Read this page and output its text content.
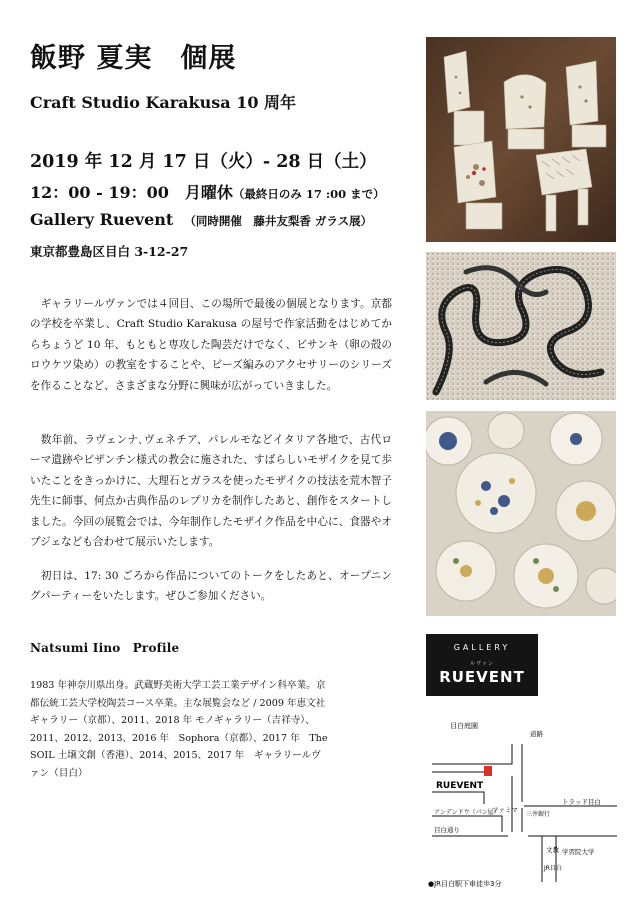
飯野 夏実　個展
Craft Studio Karakusa 10 周年
2019 年 12 月 17 日（火）- 28 日（土）
12：00 - 19：00　月曜休（最終日のみ 17 :00 まで）
Gallery Ruevent （同時開催　藤井友梨香 ガラス展）
東京都豊島区目白 3-12-27

　ギャラリールヴァンでは４回目、この場所で最後の個展となります。京都の学校を卒業し、Craft Studio Karakusa の屋号で作家活動をはじめてからちょうど 10 年、もともと専攻した陶芸だけでなく、ビサンキ（卵の殻のロウケツ染め）の教室をすることや、ビーズ編みのアクセサリーのシリーズを作ることなど、さまざまな分野に興味が広がっていきました。

　数年前、ラヴェンナ､ヴェネチア、パレルモなどイタリア各地で、古代ローマ遺跡やビザンチン様式の教会に施された、すばらしいモザイクを見て歩いたことをきっかけに、大理石とガラスを使ったモザイクの技法を荒木智子先生に師事、何点か古典作品のレプリカを制作したあと、創作をスタートしました。今回の展覧会では、今年制作したモザイク作品を中心に、食器やオブジェなども合わせて展示いたします。

　初日は、17: 30 ごろから作品についてのトークをしたあと、オープニングパーティーをいたします。ぜひご参加ください。

Natsumi Iino　Profile

1983 年神奈川県出身。武蔵野美術大学工芸工業デザイン科卒業。京都伝統工芸大学校陶芸コース卒業。主な展覧会など / 2009 年恵文社ギャラリー（京都）、2011、2018 年 モノギャラリー（吉祥寺）、2011、2012、2013、2016 年　Sophora（京都）、2017 年　The SOIL 土壌文創（香港）、2014、2015、2017 年　ギャラリールヴァン（目白）

GALLERY
ルヴァン
RUEVENT
目白庭園
道路
RUEVENT
ファミマ
アンデンドウ（パン屋）	三井銀行
トラッド目白
目白通り
文教 学習院大学
JR目白
●JR目白駅下車徒歩3分
